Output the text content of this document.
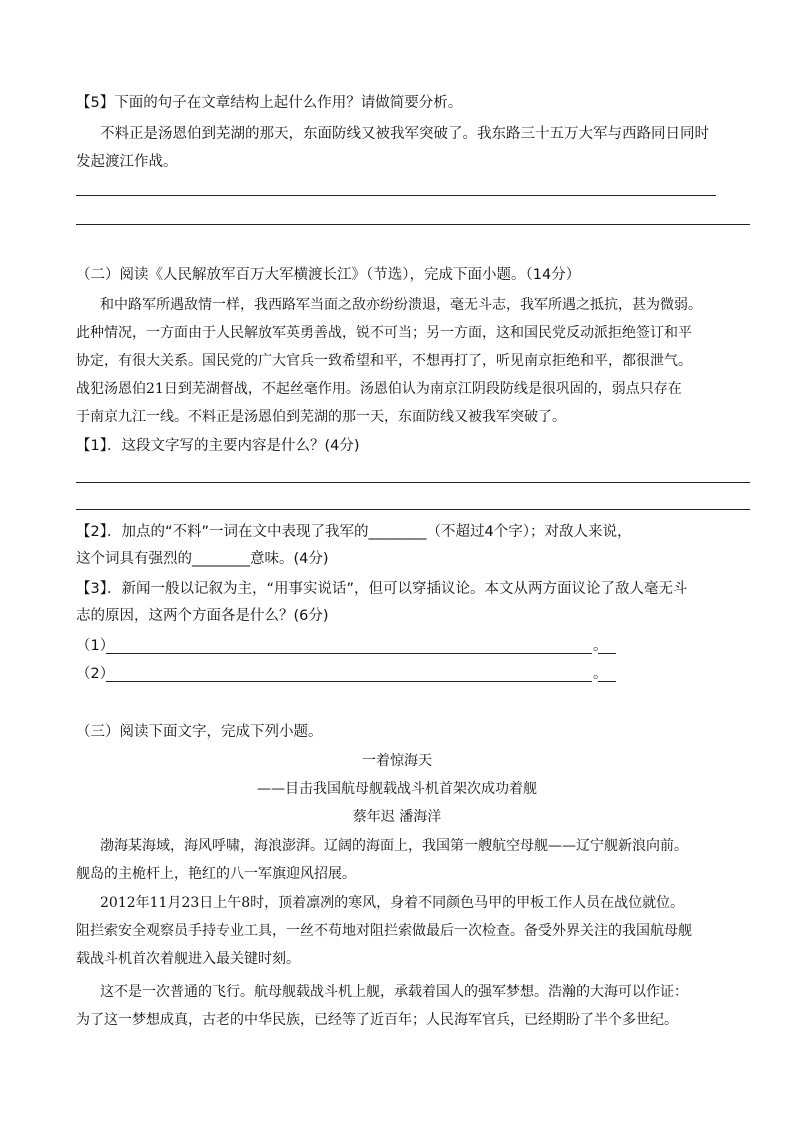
【5】下面的句子在文章结构上起什么作用？请做简要分析。
不料正是汤恩伯到芜湖的那天，东面防线又被我军突破了。我东路三十五万大军与西路同日同时
发起渡江作战。
（二）阅读《人民解放军百万大军横渡长江》（节选），完成下面小题。（14分）
和中路军所遇敌情一样，我西路军当面之敌亦纷纷溃退，毫无斗志，我军所遇之抵抗，甚为微弱。
此种情况，一方面由于人民解放军英勇善战，锐不可当；另一方面，这和国民党反动派拒绝签订和平
协定，有很大关系。国民党的广大官兵一致希望和平，不想再打了，听见南京拒绝和平，都很泄气。
战犯汤恩伯21日到芜湖督战，不起丝毫作用。汤恩伯认为南京江阴段防线是很巩固的，弱点只存在
于南京九江一线。不料正是汤恩伯到芜湖的那一天，东面防线又被我军突破了。
【1】．这段文字写的主要内容是什么？(4分)
【2】．加点的“不料”一词在文中表现了我军的________（不超过4个字）；对敌人来说，
这个词具有强烈的________意味。(4分)
【3】．新闻一般以记叙为主，“用事实说话”，但可以穿插议论。本文从两方面议论了敌人毫无斗
志的原因，这两个方面各是什么？(6分)
（1）	。
（2）	。
（三）阅读下面文字，完成下列小题。
一着惊海天
——目击我国航母舰载战斗机首架次成功着舰
蔡年迟 潘海洋
渤海某海域，海风呼啸，海浪澎湃。辽阔的海面上，我国第一艘航空母舰——辽宁舰新浪向前。
舰岛的主桅杆上，艳红的八一军旗迎风招展。
2012年11月23日上午8时，顶着凛冽的寒风，身着不同颜色马甲的甲板工作人员在战位就位。
阻拦索安全观察员手持专业工具，一丝不苟地对阻拦索做最后一次检查。备受外界关注的我国航母舰
载战斗机首次着舰进入最关键时刻。
这不是一次普通的飞行。航母舰载战斗机上舰，承载着国人的强军梦想。浩瀚的大海可以作证：
为了这一梦想成真，古老的中华民族，已经等了近百年；人民海军官兵，已经期盼了半个多世纪。
